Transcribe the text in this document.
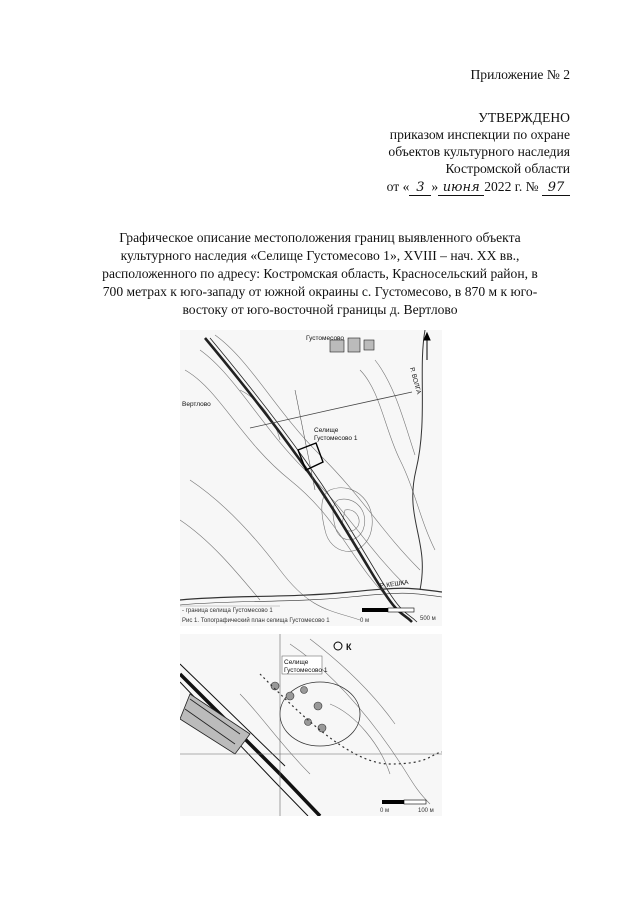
Приложение № 2
УТВЕРЖДЕНО
приказом инспекции по охране
объектов культурного наследия
Костромской области
от « 3 » июня 2022 г. № 97
Графическое описание местоположения границ выявленного объекта
культурного наследия «Селище Густомесово 1», XVIII – нач. XX вв.,
расположенного по адресу: Костромская область, Красносельский район, в
700 метрах к юго-западу от южной окраины с. Густомесово, в 870 м к юго-
востоку от юго-восточной границы д. Вертлово
Густомесово
Вертлово
Р. ВОЛГА
Р. КЕШКА
Селище
Густомесово 1
0 м	500 м
- граница селища Густомесово 1
Рис 1. Топографический план селища Густомесово 1
К
Селище
Густомесово 1
0 м	100 м
